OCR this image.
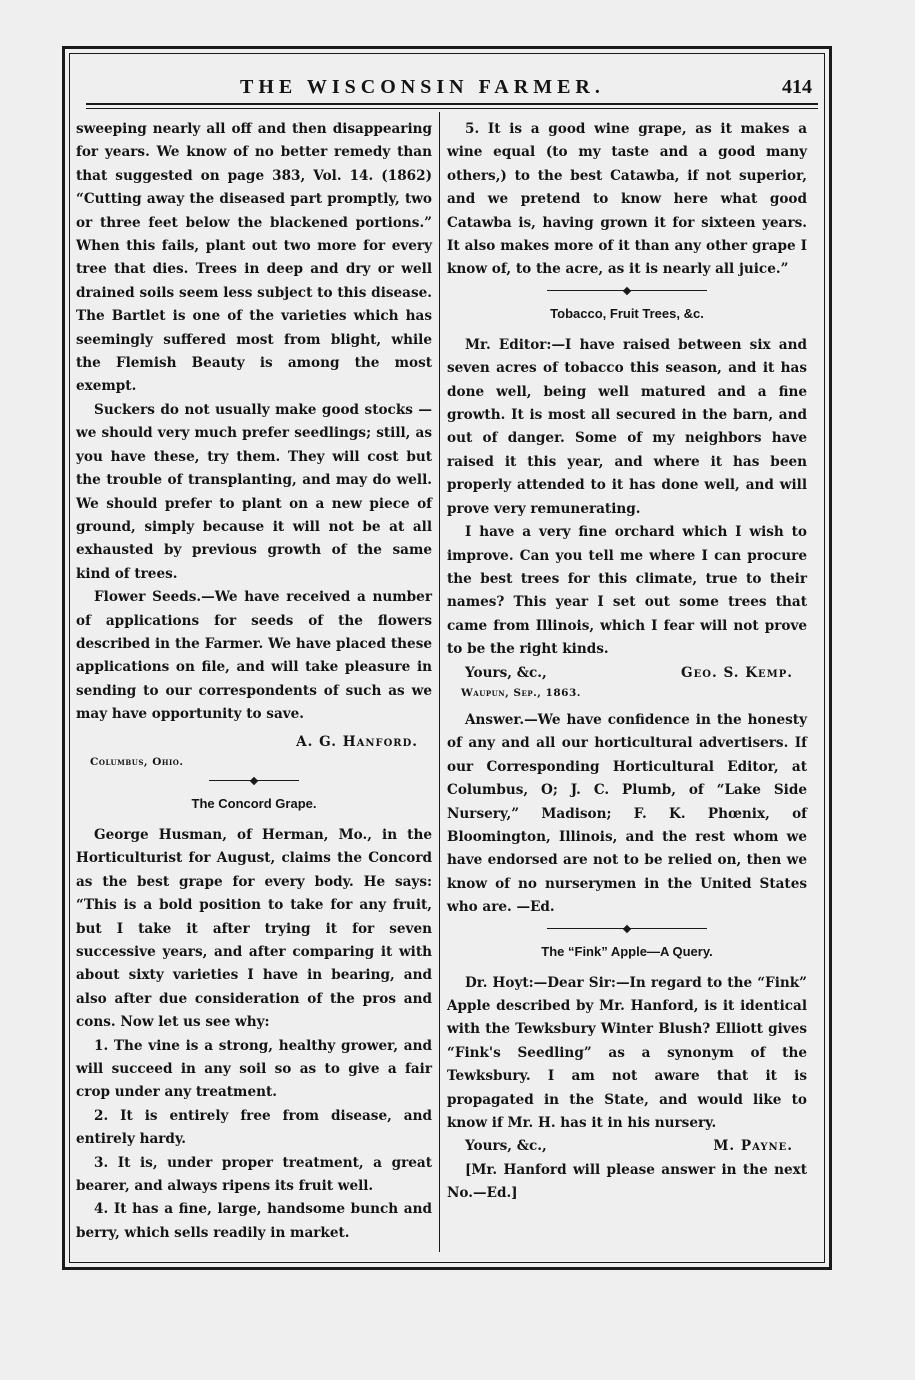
THE WISCONSIN FARMER.	414

sweeping nearly all off and then disappearing for years. We know of no better remedy than that suggested on page 383, Vol. 14. (1862) “Cutting away the diseased part promptly, two or three feet below the blackened portions.” When this fails, plant out two more for every tree that dies. Trees in deep and dry or well drained soils seem less subject to this disease. The Bartlet is one of the varieties which has seemingly suffered most from blight, while the Flemish Beauty is among the most exempt.

Suckers do not usually make good stocks —we should very much prefer seedlings; still, as you have these, try them. They will cost but the trouble of transplanting, and may do well. We should prefer to plant on a new piece of ground, simply because it will not be at all exhausted by previous growth of the same kind of trees.

Flower Seeds.—We have received a number of applications for seeds of the flowers described in the Farmer. We have placed these applications on file, and will take pleasure in sending to our correspondents of such as we may have opportunity to save.

A. G. Hanford.

Columbus, Ohio.

The Concord Grape.

George Husman, of Herman, Mo., in the Horticulturist for August, claims the Concord as the best grape for every body. He says: “This is a bold position to take for any fruit, but I take it after trying it for seven successive years, and after comparing it with about sixty varieties I have in bearing, and also after due consideration of the pros and cons. Now let us see why:

1. The vine is a strong, healthy grower, and will succeed in any soil so as to give a fair crop under any treatment.

2. It is entirely free from disease, and entirely hardy.

3. It is, under proper treatment, a great bearer, and always ripens its fruit well.

4. It has a fine, large, handsome bunch and berry, which sells readily in market.

5. It is a good wine grape, as it makes a wine equal (to my taste and a good many others,) to the best Catawba, if not superior, and we pretend to know here what good Catawba is, having grown it for sixteen years. It also makes more of it than any other grape I know of, to the acre, as it is nearly all juice.”

Tobacco, Fruit Trees, &c.

Mr. Editor:—I have raised between six and seven acres of tobacco this season, and it has done well, being well matured and a fine growth. It is most all secured in the barn, and out of danger. Some of my neighbors have raised it this year, and where it has been properly attended to it has done well, and will prove very remunerating.

I have a very fine orchard which I wish to improve. Can you tell me where I can procure the best trees for this climate, true to their names? This year I set out some trees that came from Illinois, which I fear will not prove to be the right kinds.

Yours, &c.,	Geo. S. Kemp.

Waupun, Sep., 1863.

Answer.—We have confidence in the honesty of any and all our horticultural advertisers. If our Corresponding Horticultural Editor, at Columbus, O; J. C. Plumb, of “Lake Side Nursery,” Madison; F. K. Phœnix, of Bloomington, Illinois, and the rest whom we have endorsed are not to be relied on, then we know of no nurserymen in the United States who are. —Ed.

The “Fink” Apple—A Query.

Dr. Hoyt:—Dear Sir:—In regard to the “Fink” Apple described by Mr. Hanford, is it identical with the Tewksbury Winter Blush? Elliott gives “Fink's Seedling” as a synonym of the Tewksbury. I am not aware that it is propagated in the State, and would like to know if Mr. H. has it in his nursery.

Yours, &c.,	M. Payne.

[Mr. Hanford will please answer in the next No.—Ed.]
